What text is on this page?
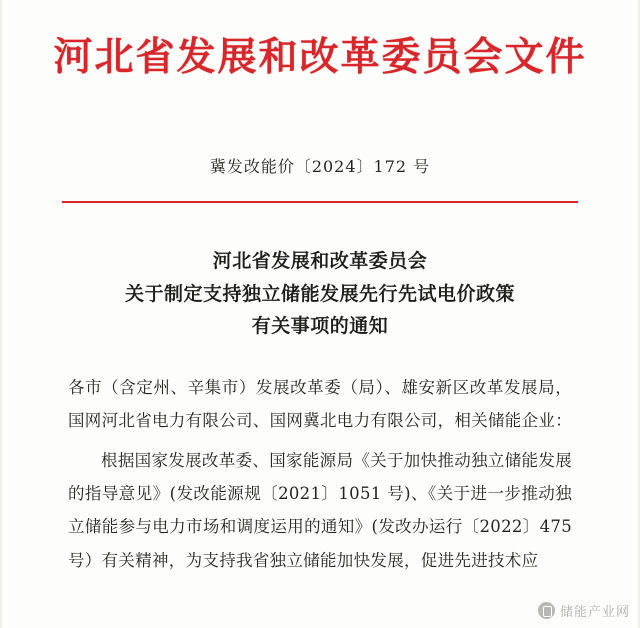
河北省发展和改革委员会文件
冀发改能价〔2024〕172 号
河北省发展和改革委员会
关于制定支持独立储能发展先行先试电价政策
有关事项的通知

各市（含定州、辛集市）发展改革委（局）、雄安新区改革发展局，国网河北省电力有限公司、国网冀北电力有限公司，相关储能企业：

根据国家发展改革委、国家能源局《关于加快推动独立储能发展的指导意见》(发改能源规〔2021〕1051 号)、《关于进一步推动独立储能参与电力市场和调度运用的通知》(发改办运行〔2022〕475 号）有关精神，为支持我省独立储能加快发展，促进先进技术应

储能产业网
